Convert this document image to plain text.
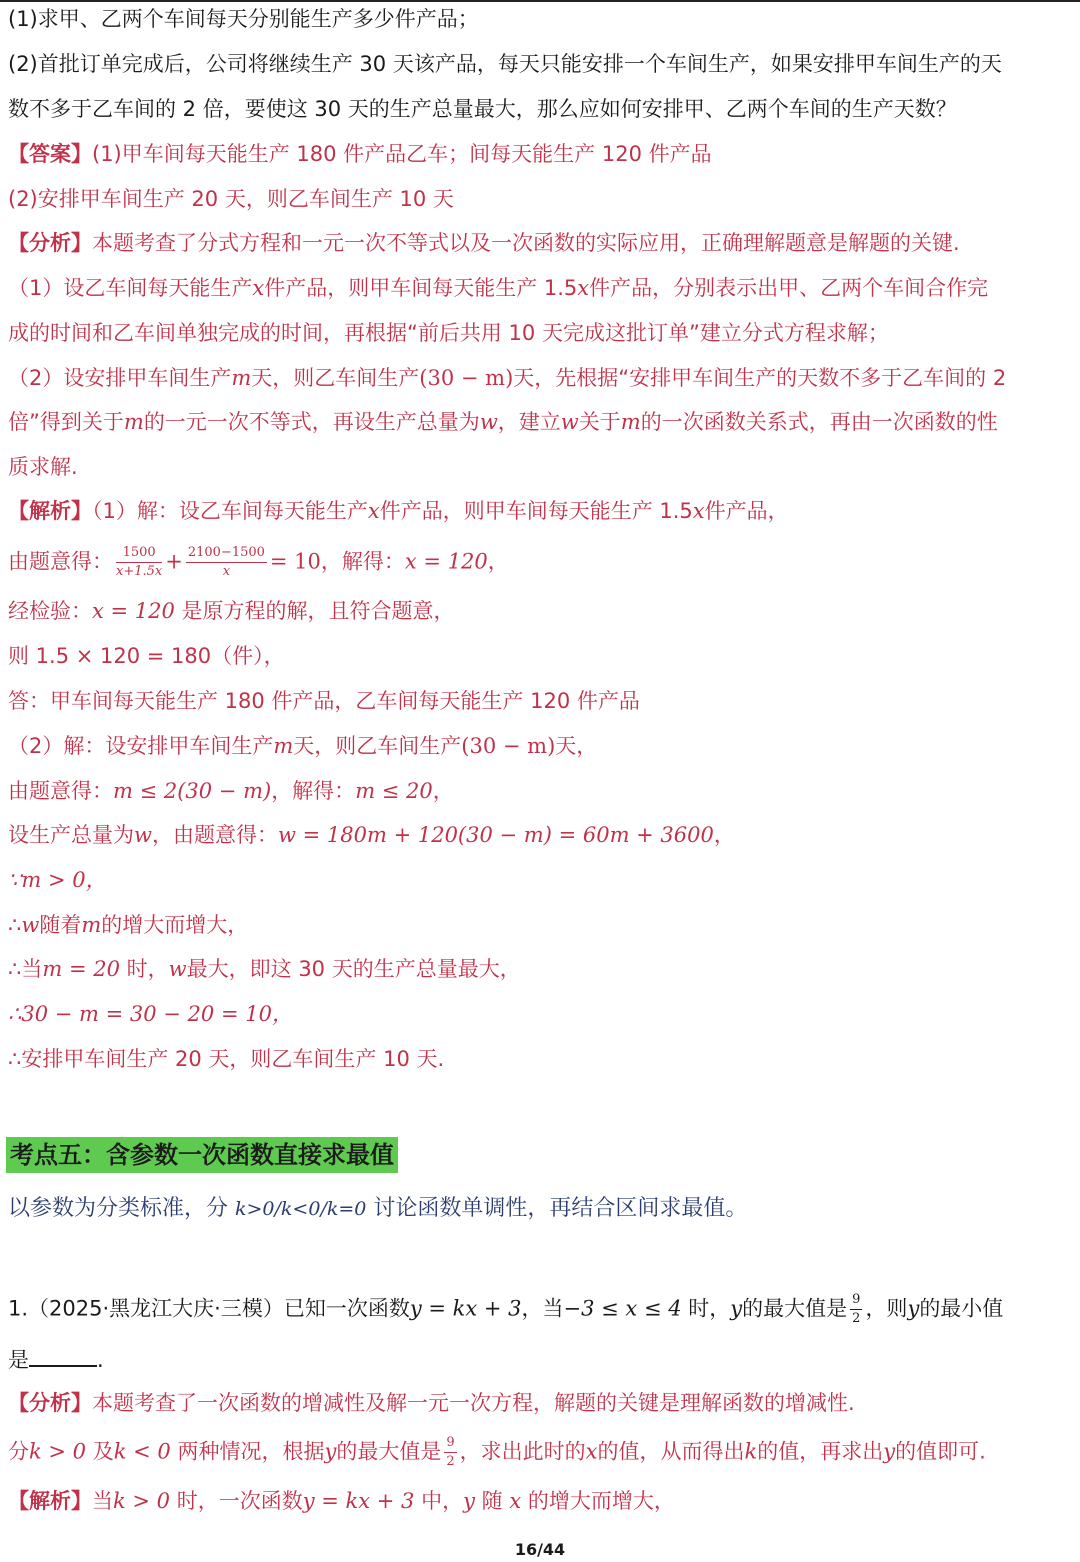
(1)求甲、乙两个车间每天分别能生产多少件产品；
(2)首批订单完成后，公司将继续生产 30 天该产品，每天只能安排一个车间生产，如果安排甲车间生产的天
数不多于乙车间的 2 倍，要使这 30 天的生产总量最大，那么应如何安排甲、乙两个车间的生产天数？
【答案】(1)甲车间每天能生产 180 件产品乙车；间每天能生产 120 件产品
(2)安排甲车间生产 20 天，则乙车间生产 10 天
【分析】本题考查了分式方程和一元一次不等式以及一次函数的实际应用，正确理解题意是解题的关键.
（1）设乙车间每天能生产x件产品，则甲车间每天能生产 1.5x件产品，分别表示出甲、乙两个车间合作完
成的时间和乙车间单独完成的时间，再根据“前后共用 10 天完成这批订单”建立分式方程求解；
（2）设安排甲车间生产m天，则乙车间生产(30 − m)天，先根据“安排甲车间生产的天数不多于乙车间的 2
倍”得到关于m的一元一次不等式，再设生产总量为w，建立w关于m的一次函数关系式，再由一次函数的性
质求解.
【解析】（1）解：设乙车间每天能生产x件产品，则甲车间每天能生产 1.5x件产品，
由题意得： $\frac{1500}{x+1.5x} + \frac{2100-1500}{x} = 10$，解得：x = 120，
经检验：x = 120 是原方程的解，且符合题意，
则 1.5 × 120 = 180（件），
答：甲车间每天能生产 180 件产品，乙车间每天能生产 120 件产品
（2）解：设安排甲车间生产m天，则乙车间生产(30 − m)天，
由题意得：m ≤ 2(30 − m)，解得：m ≤ 20，
设生产总量为w，由题意得：w = 180m + 120(30 − m) = 60m + 3600，
∵m > 0，
∴w随着m的增大而增大，
∴当m = 20 时，w最大，即这 30 天的生产总量最大，
∴30 − m = 30 − 20 = 10，
∴安排甲车间生产 20 天，则乙车间生产 10 天.
考点五：含参数一次函数直接求最值
以参数为分类标准，分 k>0/k<0/k=0 讨论函数单调性，再结合区间求最值。
1.（2025·黑龙江大庆·三模）已知一次函数y = kx + 3，当−3 ≤ x ≤ 4 时，y的最大值是 $\frac{9}{2}$ ，则y的最小值
是	.
【分析】本题考查了一次函数的增减性及解一元一次方程，解题的关键是理解函数的增减性.
分k > 0 及k < 0 两种情况，根据y的最大值是 $\frac{9}{2}$ ，求出此时的x的值，从而得出k的值，再求出y的值即可.
【解析】当k > 0 时，一次函数y = kx + 3 中，y 随 x 的增大而增大，
16/44
